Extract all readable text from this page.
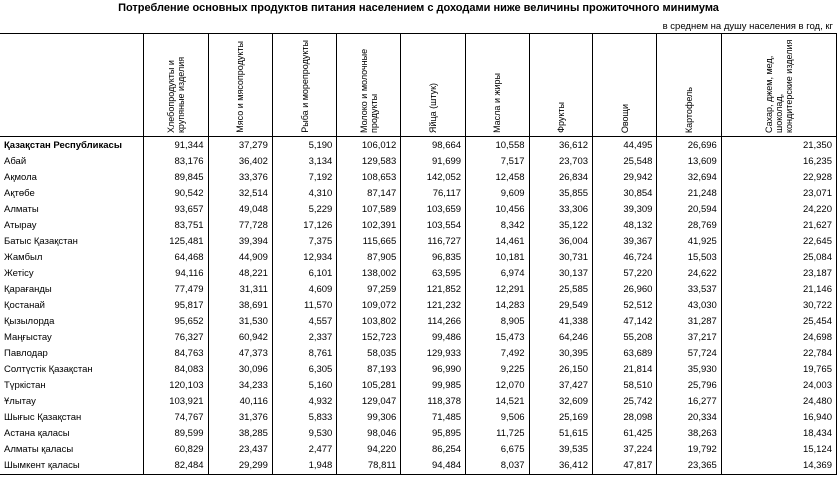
Потребление основных продуктов питания населением с доходами ниже величины прожиточного минимума
в среднем на душу населения в год, кг

	Хлебопродукты и крупяные изделия	Мясо и мясопродукты	Рыба и морепродукты	Молоко и молочные продукты	Яйца (штук)	Масла и жиры	Фрукты	Овощи	Картофель	Сахар, джем, мед, шоколад, кондитерские изделия

Қазақстан Республикасы	91,344	37,279	5,190	106,012	98,664	10,558	36,612	44,495	26,696	21,350
Абай	83,176	36,402	3,134	129,583	91,699	7,517	23,703	25,548	13,609	16,235
Ақмола	89,845	33,376	7,192	108,653	142,052	12,458	26,834	29,942	32,694	22,928
Ақтөбе	90,542	32,514	4,310	87,147	76,117	9,609	35,855	30,854	21,248	23,071
Алматы	93,657	49,048	5,229	107,589	103,659	10,456	33,306	39,309	20,594	24,220
Атырау	83,751	77,728	17,126	102,391	103,554	8,342	35,122	48,132	28,769	21,627
Батыс Қазақстан	125,481	39,394	7,375	115,665	116,727	14,461	36,004	39,367	41,925	22,645
Жамбыл	64,468	44,909	12,934	87,905	96,835	10,181	30,731	46,724	15,503	25,084
Жетісу	94,116	48,221	6,101	138,002	63,595	6,974	30,137	57,220	24,622	23,187
Қарағанды	77,479	31,311	4,609	97,259	121,852	12,291	25,585	26,960	33,537	21,146
Қостанай	95,817	38,691	11,570	109,072	121,232	14,283	29,549	52,512	43,030	30,722
Қызылорда	95,652	31,530	4,557	103,802	114,266	8,905	41,338	47,142	31,287	25,454
Маңғыстау	76,327	60,942	2,337	152,723	99,486	15,473	64,246	55,208	37,217	24,698
Павлодар	84,763	47,373	8,761	58,035	129,933	7,492	30,395	63,689	57,724	22,784
Солтүстік Қазақстан	84,083	30,096	6,305	87,193	96,990	9,225	26,150	21,814	35,930	19,765
Түркістан	120,103	34,233	5,160	105,281	99,985	12,070	37,427	58,510	25,796	24,003
Ұлытау	103,921	40,116	4,932	129,047	118,378	14,521	32,609	25,742	16,277	24,480
Шығыс Қазақстан	74,767	31,376	5,833	99,306	71,485	9,506	25,169	28,098	20,334	16,940
Астана қаласы	89,599	38,285	9,530	98,046	95,895	11,725	51,615	61,425	38,263	18,434
Алматы қаласы	60,829	23,437	2,477	94,220	86,254	6,675	39,535	37,224	19,792	15,124
Шымкент қаласы	82,484	29,299	1,948	78,811	94,484	8,037	36,412	47,817	23,365	14,369
